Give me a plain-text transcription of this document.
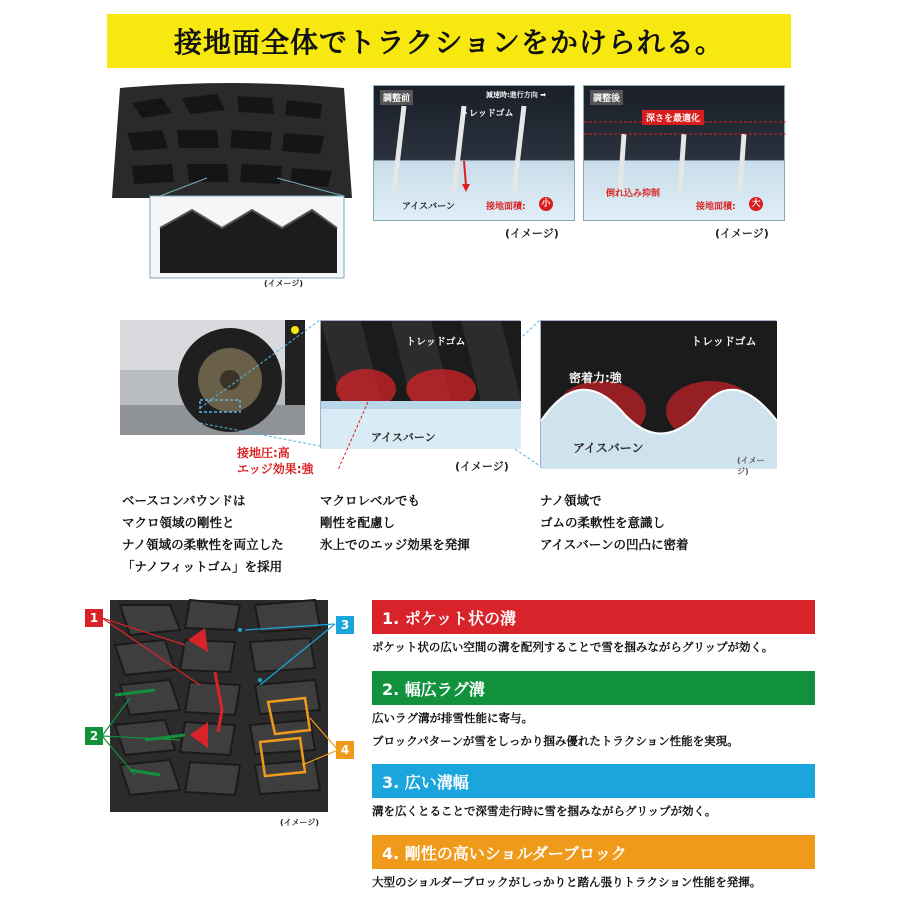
接地面全体でトラクションをかけられる。
(イメージ)
調整前	減速時:進行方向 ➡
トレッドゴム
アイスバーン	接地面積: 小
(イメージ)
調整後
深さを最適化
倒れ込み抑制
接地面積: 大
(イメージ)
トレッドゴム
アイスバーン
接地圧:高
エッジ効果:強	(イメージ)
トレッドゴム
密着力:強
アイスバーン
(イメージ)
ベースコンパウンドは
マクロ領域の剛性と
ナノ領域の柔軟性を両立した
「ナノフィットゴム」を採用
マクロレベルでも
剛性を配慮し
氷上でのエッジ効果を発揮
ナノ領域で
ゴムの柔軟性を意識し
アイスバーンの凹凸に密着
(イメージ)
1
2
3
4
1. ポケット状の溝
ポケット状の広い空間の溝を配列することで雪を掴みながらグリップが効く。
2. 幅広ラグ溝
広いラグ溝が排雪性能に寄与。
ブロックパターンが雪をしっかり掴み優れたトラクション性能を実現。
3. 広い溝幅
溝を広くとることで深雪走行時に雪を掴みながらグリップが効く。
4. 剛性の高いショルダーブロック
大型のショルダーブロックがしっかりと踏ん張りトラクション性能を発揮。
